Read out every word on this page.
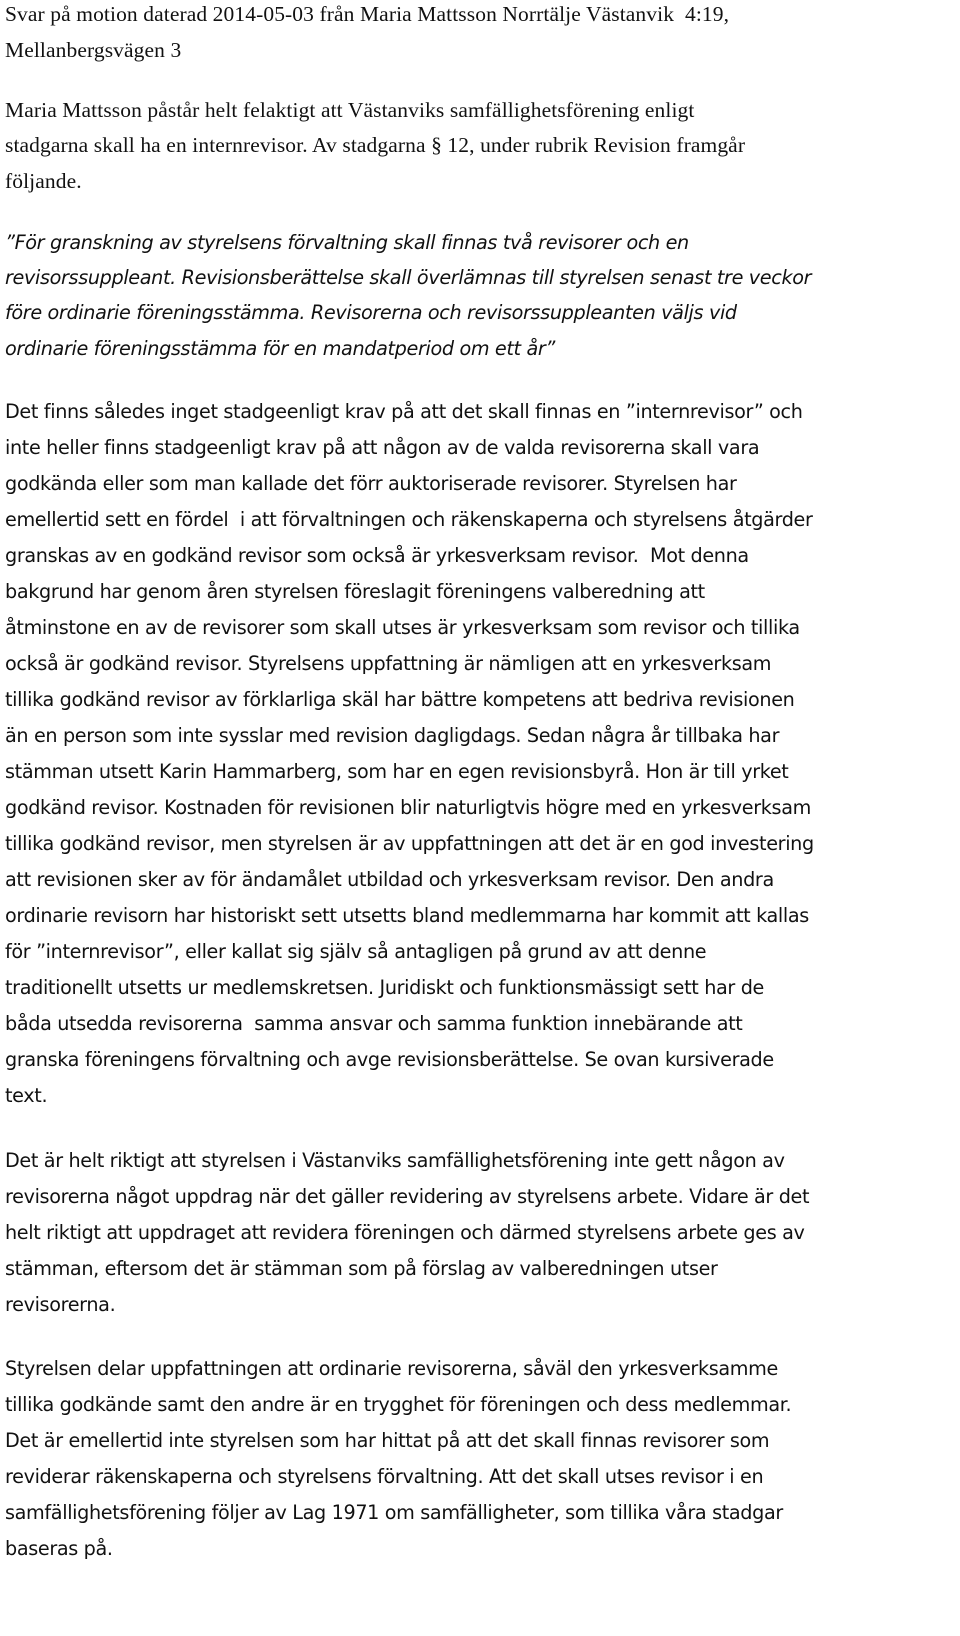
Svar på motion daterad 2014-05-03 från Maria Mattsson Norrtälje Västanvik  4:19,
Mellanbergsvägen 3
Maria Mattsson påstår helt felaktigt att Västanviks samfällighetsförening enligt
stadgarna skall ha en internrevisor. Av stadgarna § 12, under rubrik Revision framgår
följande.
”För granskning av styrelsens förvaltning skall finnas två revisorer och en
revisorssuppleant. Revisionsberättelse skall överlämnas till styrelsen senast tre veckor
före ordinarie föreningsstämma. Revisorerna och revisorssuppleanten väljs vid
ordinarie föreningsstämma för en mandatperiod om ett år”
Det finns således inget stadgeenligt krav på att det skall finnas en ”internrevisor” och
inte heller finns stadgeenligt krav på att någon av de valda revisorerna skall vara
godkända eller som man kallade det förr auktoriserade revisorer. Styrelsen har
emellertid sett en fördel  i att förvaltningen och räkenskaperna och styrelsens åtgärder
granskas av en godkänd revisor som också är yrkesverksam revisor.  Mot denna
bakgrund har genom åren styrelsen föreslagit föreningens valberedning att
åtminstone en av de revisorer som skall utses är yrkesverksam som revisor och tillika
också är godkänd revisor. Styrelsens uppfattning är nämligen att en yrkesverksam
tillika godkänd revisor av förklarliga skäl har bättre kompetens att bedriva revisionen
än en person som inte sysslar med revision dagligdags. Sedan några år tillbaka har
stämman utsett Karin Hammarberg, som har en egen revisionsbyrå. Hon är till yrket
godkänd revisor. Kostnaden för revisionen blir naturligtvis högre med en yrkesverksam
tillika godkänd revisor, men styrelsen är av uppfattningen att det är en god investering
att revisionen sker av för ändamålet utbildad och yrkesverksam revisor. Den andra
ordinarie revisorn har historiskt sett utsetts bland medlemmarna har kommit att kallas
för ”internrevisor”, eller kallat sig själv så antagligen på grund av att denne
traditionellt utsetts ur medlemskretsen. Juridiskt och funktionsmässigt sett har de
båda utsedda revisorerna  samma ansvar och samma funktion innebärande att
granska föreningens förvaltning och avge revisionsberättelse. Se ovan kursiverade
text.
Det är helt riktigt att styrelsen i Västanviks samfällighetsförening inte gett någon av
revisorerna något uppdrag när det gäller revidering av styrelsens arbete. Vidare är det
helt riktigt att uppdraget att revidera föreningen och därmed styrelsens arbete ges av
stämman, eftersom det är stämman som på förslag av valberedningen utser
revisorerna.
Styrelsen delar uppfattningen att ordinarie revisorerna, såväl den yrkesverksamme
tillika godkände samt den andre är en trygghet för föreningen och dess medlemmar.
Det är emellertid inte styrelsen som har hittat på att det skall finnas revisorer som
reviderar räkenskaperna och styrelsens förvaltning. Att det skall utses revisor i en
samfällighetsförening följer av Lag 1971 om samfälligheter, som tillika våra stadgar
baseras på.
